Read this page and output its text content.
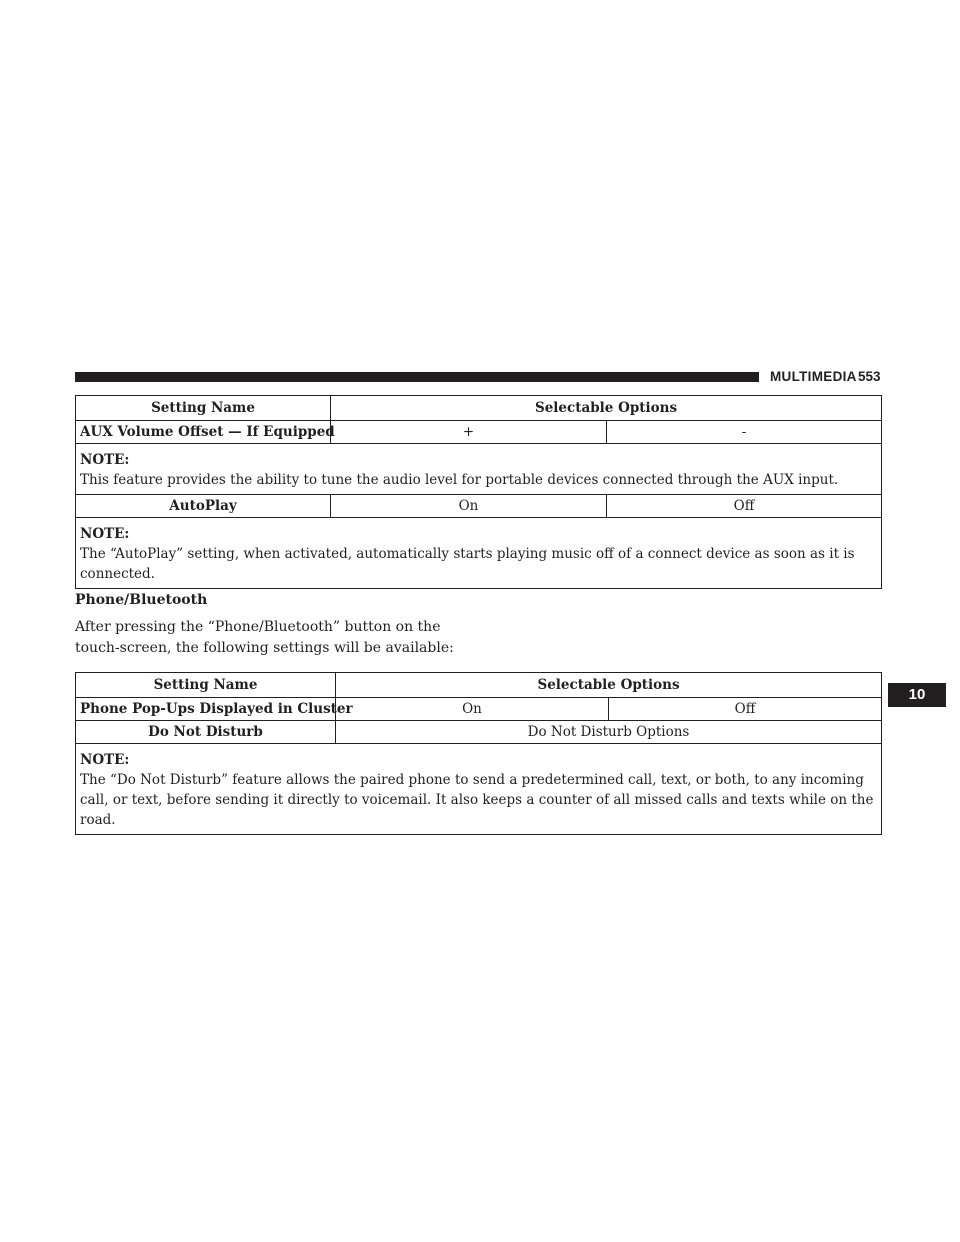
MULTIMEDIA 553
Setting Name	Selectable Options	
AUX Volume Offset — If Equipped	+	-

NOTE:
This feature provides the ability to tune the audio level for portable devices connected through the AUX input.		

AutoPlay	On	Off

NOTE:
The “AutoPlay” setting, when activated, automatically starts playing music off of a connect device as soon as it is connected.		
Phone/Bluetooth
After pressing the “Phone/Bluetooth” button on the touch-screen, the following settings will be available:
10
Setting Name	Selectable Options	
Phone Pop-Ups Displayed in Cluster	On	Off
Do Not Disturb	Do Not Disturb Options	

NOTE:
The “Do Not Disturb” feature allows the paired phone to send a predetermined call, text, or both, to any incoming call, or text, before sending it directly to voicemail. It also keeps a counter of all missed calls and texts while on the road.		
